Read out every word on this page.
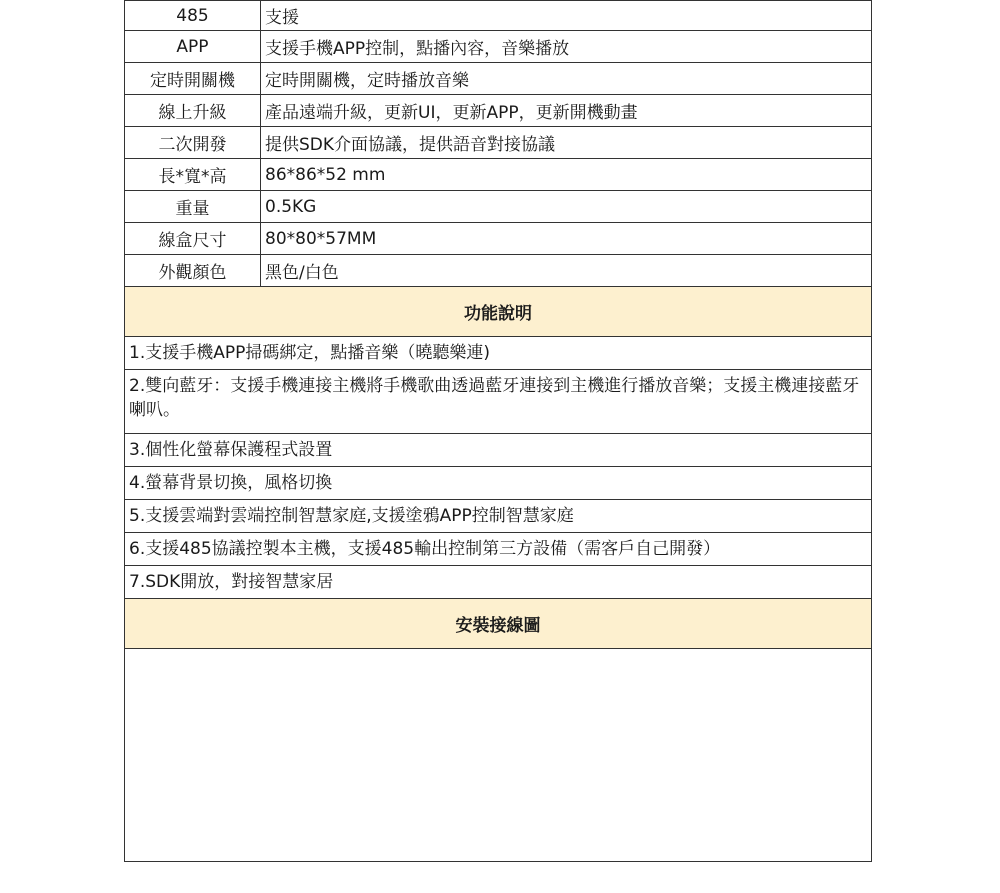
485	支援
APP	支援手機APP控制，點播內容，音樂播放
定時開關機	定時開關機，定時播放音樂
線上升級	產品遠端升級，更新UI，更新APP，更新開機動畫
二次開發	提供SDK介面協議，提供語音對接協議
長*寬*高	86*86*52 mm
重量	0.5KG
線盒尺寸	80*80*57MM
外觀顏色	黑色/白色
功能說明
1.支援手機APP掃碼綁定，點播音樂（曉聽樂連)
2.雙向藍牙：支援手機連接主機將手機歌曲透過藍牙連接到主機進行播放音樂；支援主機連接藍牙喇叭。
3.個性化螢幕保護程式設置
4.螢幕背景切換，風格切換
5.支援雲端對雲端控制智慧家庭,支援塗鴉APP控制智慧家庭
6.支援485協議控製本主機，支援485輸出控制第三方設備（需客戶自己開發）
7.SDK開放，對接智慧家居
安裝接線圖
